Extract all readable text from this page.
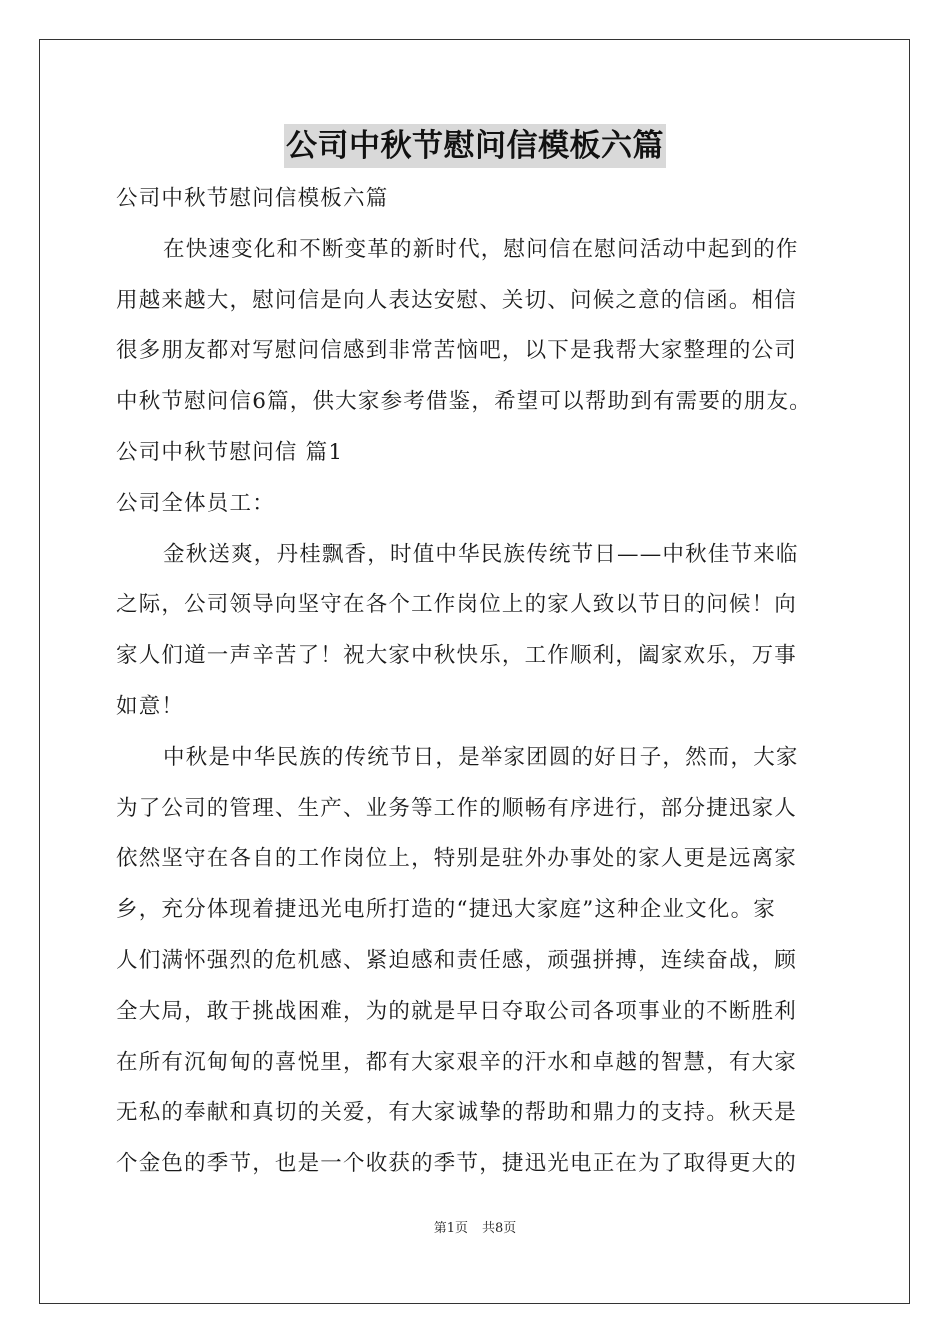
公司中秋节慰问信模板六篇
公司中秋节慰问信模板六篇
在快速变化和不断变革的新时代，慰问信在慰问活动中起到的作
用越来越大，慰问信是向人表达安慰、关切、问候之意的信函。相信
很多朋友都对写慰问信感到非常苦恼吧，以下是我帮大家整理的公司
中秋节慰问信6篇，供大家参考借鉴，希望可以帮助到有需要的朋友。
公司中秋节慰问信 篇1
公司全体员工：
金秋送爽，丹桂飘香，时值中华民族传统节日——中秋佳节来临
之际，公司领导向坚守在各个工作岗位上的家人致以节日的问候！向
家人们道一声辛苦了！祝大家中秋快乐，工作顺利，阖家欢乐，万事
如意！
中秋是中华民族的传统节日，是举家团圆的好日子，然而，大家
为了公司的管理、生产、业务等工作的顺畅有序进行，部分捷迅家人
依然坚守在各自的工作岗位上，特别是驻外办事处的家人更是远离家
乡，充分体现着捷迅光电所打造的“捷迅大家庭”这种企业文化。家
人们满怀强烈的危机感、紧迫感和责任感，顽强拼搏，连续奋战，顾
全大局，敢于挑战困难，为的就是早日夺取公司各项事业的不断胜利
在所有沉甸甸的喜悦里，都有大家艰辛的汗水和卓越的智慧，有大家
无私的奉献和真切的关爱，有大家诚挚的帮助和鼎力的支持。秋天是
个金色的季节，也是一个收获的季节，捷迅光电正在为了取得更大的
第1页 共8页
